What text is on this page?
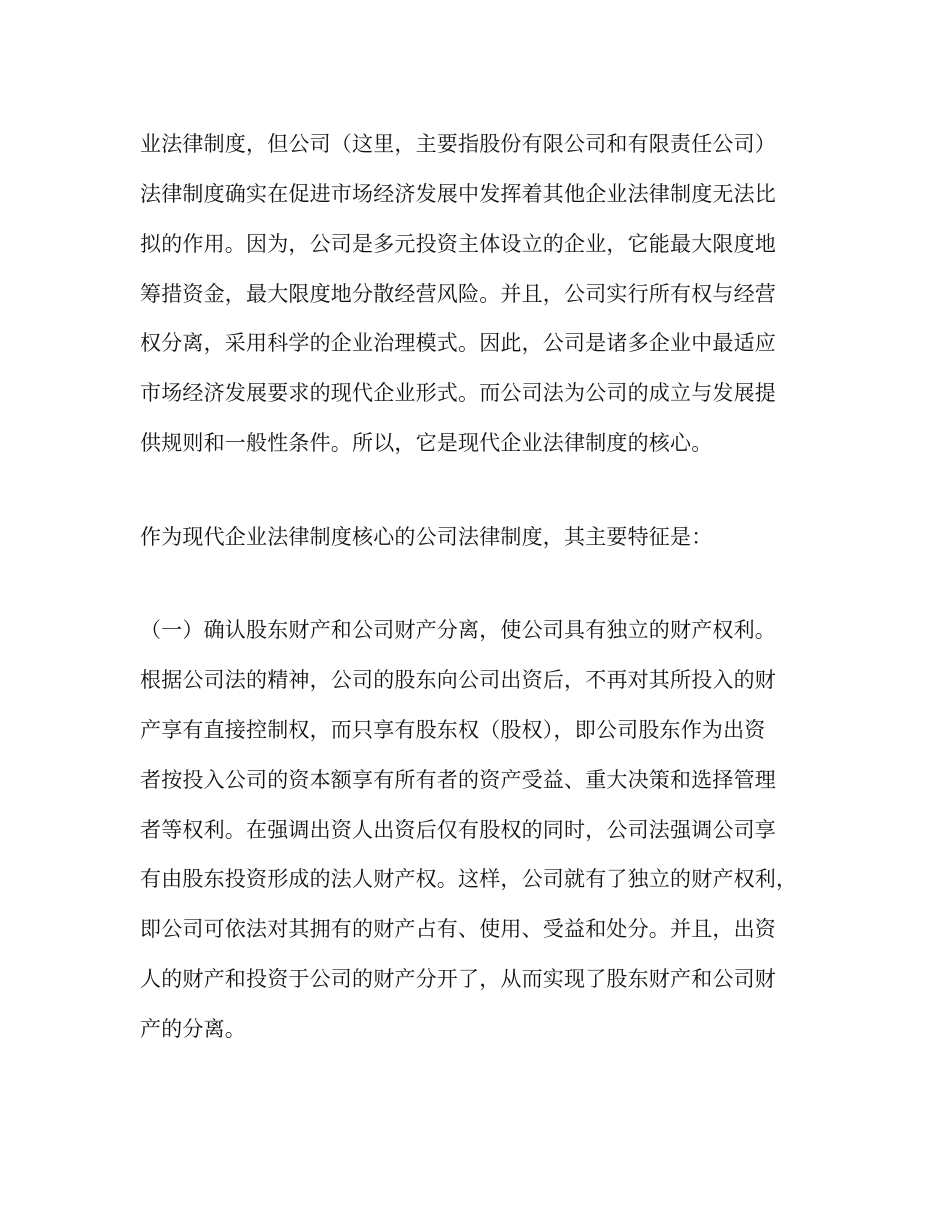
业法律制度，但公司（这里，主要指股份有限公司和有限责任公司）
法律制度确实在促进市场经济发展中发挥着其他企业法律制度无法比
拟的作用。因为，公司是多元投资主体设立的企业，它能最大限度地
筹措资金，最大限度地分散经营风险。并且，公司实行所有权与经营
权分离，采用科学的企业治理模式。因此，公司是诸多企业中最适应
市场经济发展要求的现代企业形式。而公司法为公司的成立与发展提
供规则和一般性条件。所以，它是现代企业法律制度的核心。
作为现代企业法律制度核心的公司法律制度，其主要特征是：
（一）确认股东财产和公司财产分离，使公司具有独立的财产权利。
根据公司法的精神，公司的股东向公司出资后，不再对其所投入的财
产享有直接控制权，而只享有股东权（股权），即公司股东作为出资
者按投入公司的资本额享有所有者的资产受益、重大决策和选择管理
者等权利。在强调出资人出资后仅有股权的同时，公司法强调公司享
有由股东投资形成的法人财产权。这样，公司就有了独立的财产权利，
即公司可依法对其拥有的财产占有、使用、受益和处分。并且，出资
人的财产和投资于公司的财产分开了，从而实现了股东财产和公司财
产的分离。
